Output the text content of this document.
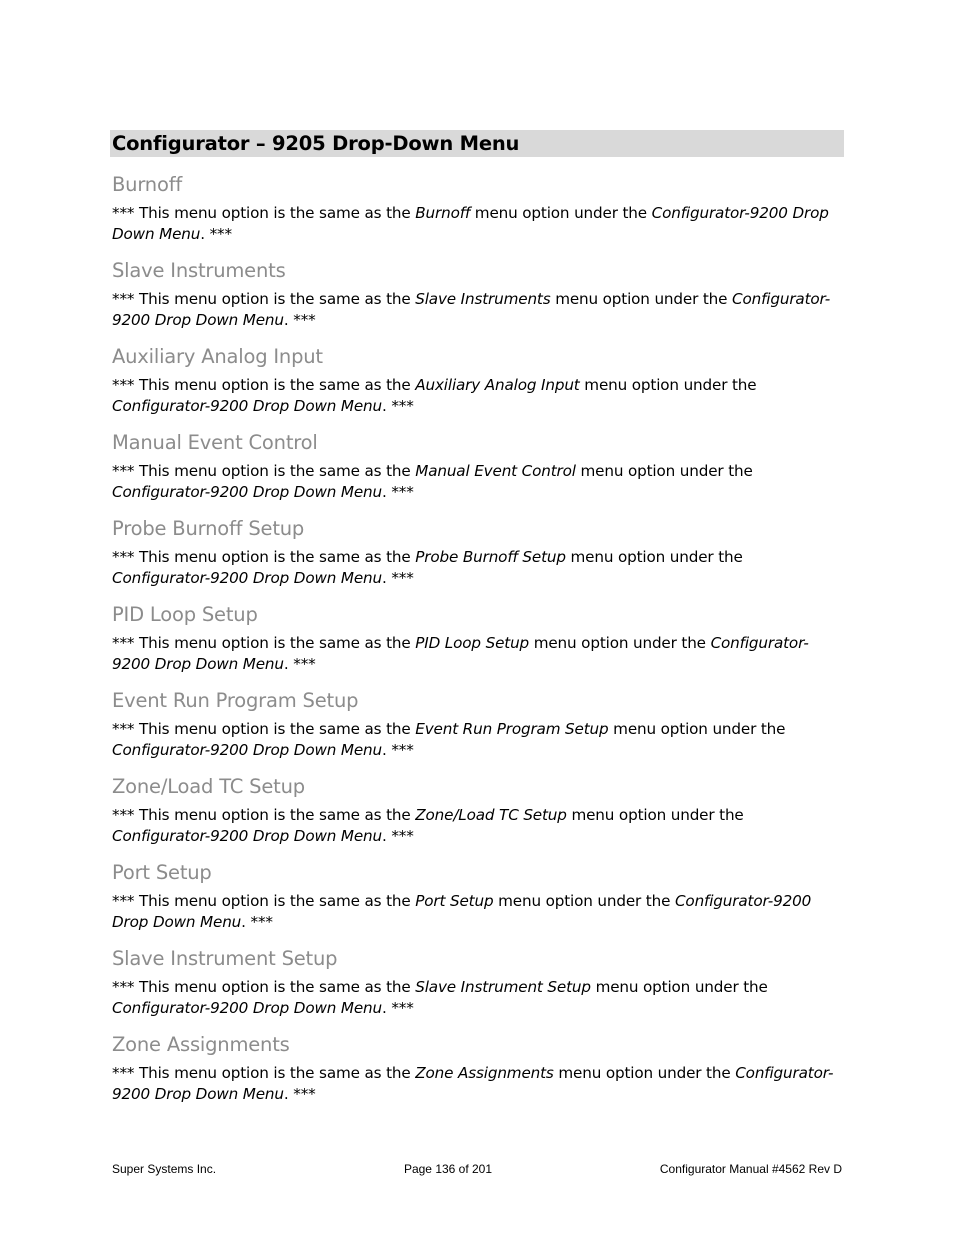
Configurator – 9205 Drop-Down Menu
Burnoff

*** This menu option is the same as the Burnoff menu option under the Configurator-9200 Drop Down Menu. ***

Slave Instruments

*** This menu option is the same as the Slave Instruments menu option under the Configurator-9200 Drop Down Menu. ***

Auxiliary Analog Input

*** This menu option is the same as the Auxiliary Analog Input menu option under the Configurator-9200 Drop Down Menu. ***

Manual Event Control

*** This menu option is the same as the Manual Event Control menu option under the Configurator-9200 Drop Down Menu. ***

Probe Burnoff Setup

*** This menu option is the same as the Probe Burnoff Setup menu option under the Configurator-9200 Drop Down Menu. ***

PID Loop Setup

*** This menu option is the same as the PID Loop Setup menu option under the Configurator-9200 Drop Down Menu. ***

Event Run Program Setup

*** This menu option is the same as the Event Run Program Setup menu option under the Configurator-9200 Drop Down Menu. ***

Zone/Load TC Setup

*** This menu option is the same as the Zone/Load TC Setup menu option under the Configurator-9200 Drop Down Menu. ***

Port Setup

*** This menu option is the same as the Port Setup menu option under the Configurator-9200 Drop Down Menu. ***

Slave Instrument Setup

*** This menu option is the same as the Slave Instrument Setup menu option under the Configurator-9200 Drop Down Menu. ***

Zone Assignments

*** This menu option is the same as the Zone Assignments menu option under the Configurator-9200 Drop Down Menu. ***

Super Systems Inc.	Page 136 of 201	Configurator Manual #4562 Rev D
